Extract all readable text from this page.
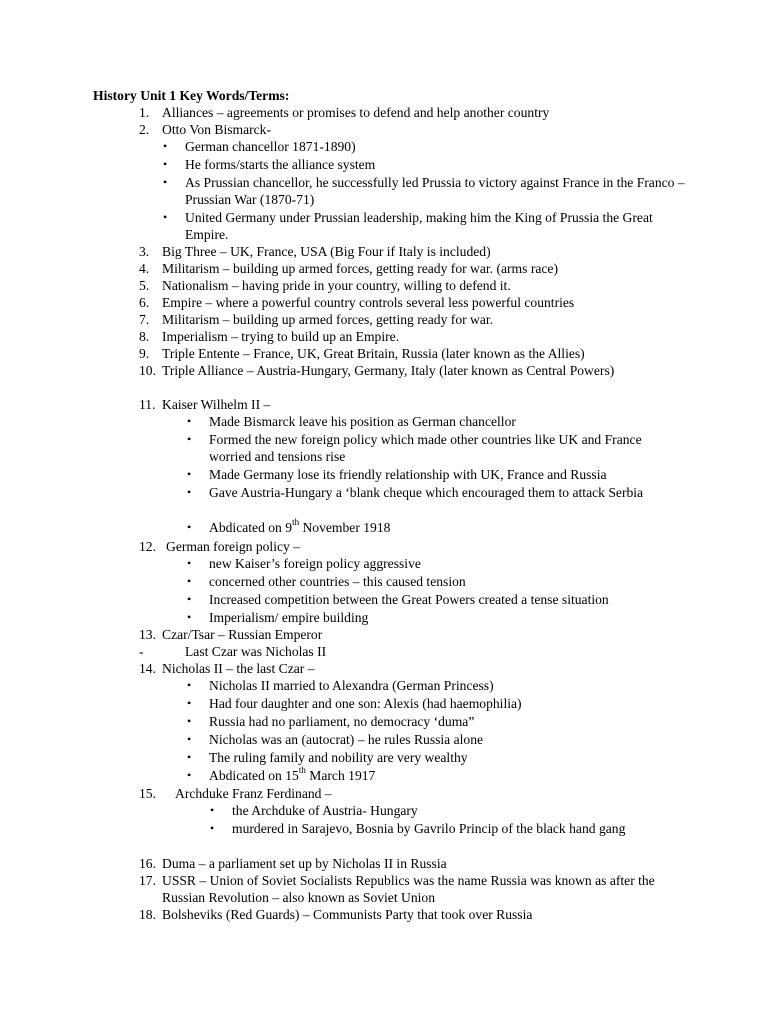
History Unit 1 Key Words/Terms:
1. Alliances – agreements or promises to defend and help another country
2. Otto Von Bismarck-
• German chancellor 1871-1890)
• He forms/starts the alliance system
• As Prussian chancellor, he successfully led Prussia to victory against France in the Franco – Prussian War (1870-71)
• United Germany under Prussian leadership, making him the King of Prussia the Great Empire.
3. Big Three – UK, France, USA (Big Four if Italy is included)
4. Militarism – building up armed forces, getting ready for war. (arms race)
5. Nationalism – having pride in your country, willing to defend it.
6. Empire – where a powerful country controls several less powerful countries
7. Militarism – building up armed forces, getting ready for war.
8. Imperialism – trying to build up an Empire.
9. Triple Entente – France, UK, Great Britain, Russia (later known as the Allies)
10. Triple Alliance – Austria-Hungary, Germany, Italy (later known as Central Powers)
11. Kaiser Wilhelm II –
• Made Bismarck leave his position as German chancellor
• Formed the new foreign policy which made other countries like UK and France worried and tensions rise
• Made Germany lose its friendly relationship with UK, France and Russia
• Gave Austria-Hungary a ‘blank cheque which encouraged them to attack Serbia
• Abdicated on 9th November 1918
12. German foreign policy –
• new Kaiser’s foreign policy aggressive
• concerned other countries – this caused tension
• Increased competition between the Great Powers created a tense situation
• Imperialism/ empire building
13. Czar/Tsar – Russian Emperor
-	Last Czar was Nicholas II
14. Nicholas II – the last Czar –
• Nicholas II married to Alexandra (German Princess)
• Had four daughter and one son: Alexis (had haemophilia)
• Russia had no parliament, no democracy ‘duma”
• Nicholas was an (autocrat) – he rules Russia alone
• The ruling family and nobility are very wealthy
• Abdicated on 15th March 1917
15. Archduke Franz Ferdinand –
• the Archduke of Austria- Hungary
• murdered in Sarajevo, Bosnia by Gavrilo Princip of the black hand gang
16. Duma – a parliament set up by Nicholas II in Russia
17. USSR – Union of Soviet Socialists Republics was the name Russia was known as after the Russian Revolution – also known as Soviet Union
18. Bolsheviks (Red Guards) – Communists Party that took over Russia
